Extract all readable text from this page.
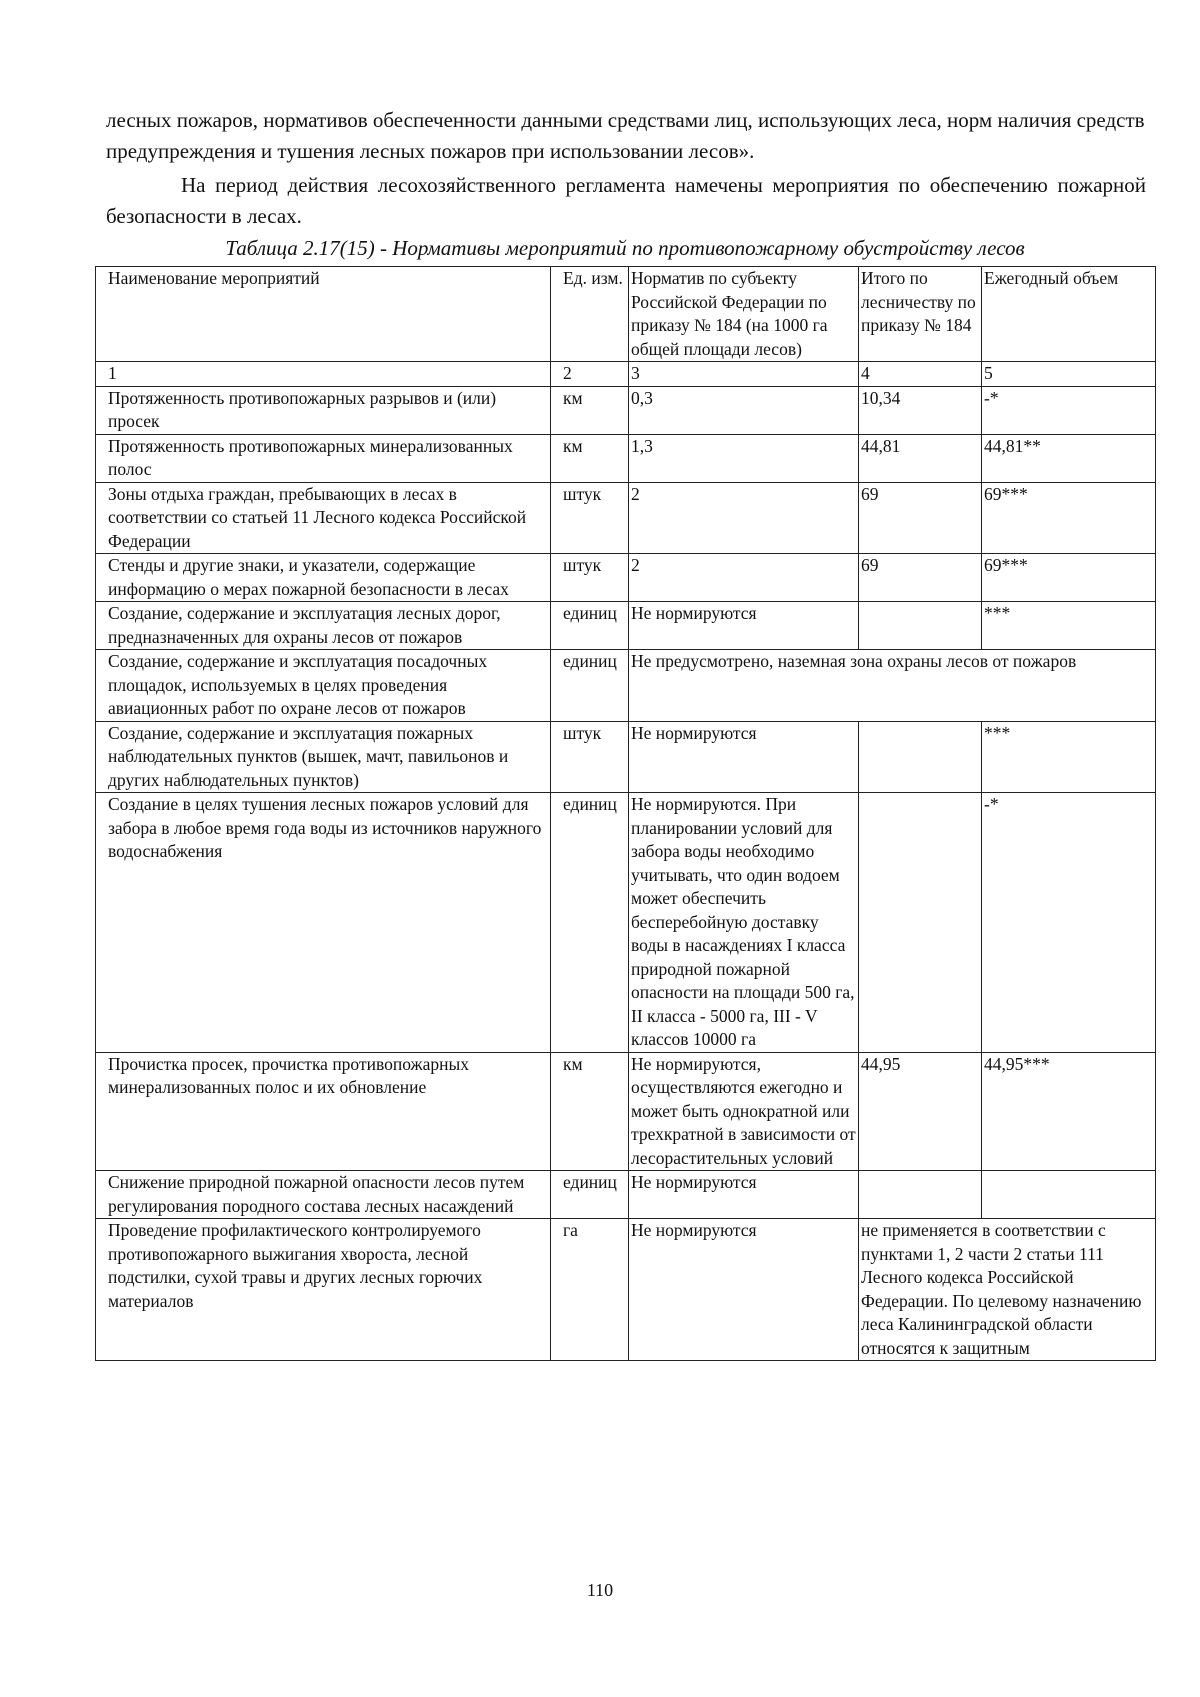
лесных пожаров, нормативов обеспеченности данными средствами лиц, использующих леса, норм наличия средств предупреждения и тушения лесных пожаров при использовании лесов».

На период действия лесохозяйственного регламента намечены мероприятия по обеспечению пожарной безопасности в лесах.

Таблица 2.17(15) - Нормативы мероприятий по противопожарному обустройству лесов

Наименование мероприятий	Ед. изм.	Норматив по субъекту Российской Федерации по приказу № 184 (на 1000 га общей площади лесов)	Итого по лесничеству по приказу № 184	Ежегодный объем
1	2	3	4	5
Протяженность противопожарных разрывов и (или) просек	км	0,3	10,34	-*
Протяженность противопожарных минерализованных полос	км	1,3	44,81	44,81**
Зоны отдыха граждан, пребывающих в лесах в соответствии со статьей 11 Лесного кодекса Российской Федерации	штук	2	69	69***
Стенды и другие знаки, и указатели, содержащие информацию о мерах пожарной безопасности в лесах	штук	2	69	69***
Создание, содержание и эксплуатация лесных дорог, предназначенных для охраны лесов от пожаров	единиц	Не нормируются		***
Создание, содержание и эксплуатация посадочных площадок, используемых в целях проведения авиационных работ по охране лесов от пожаров	единиц	Не предусмотрено, наземная зона охраны лесов от пожаров		
Создание, содержание и эксплуатация пожарных наблюдательных пунктов (вышек, мачт, павильонов и других наблюдательных пунктов)	штук	Не нормируются		***
Создание в целях тушения лесных пожаров условий для забора в любое время года воды из источников наружного водоснабжения	единиц	Не нормируются. При планировании условий для забора воды необходимо учитывать, что один водоем может обеспечить бесперебойную доставку воды в насаждениях I класса природной пожарной опасности на площади 500 га, II класса - 5000 га, III - V классов 10000 га		-*
Прочистка просек, прочистка противопожарных минерализованных полос и их обновление	км	Не нормируются, осуществляются ежегодно и может быть однократной или трехкратной в зависимости от лесорастительных условий	44,95	44,95***
Снижение природной пожарной опасности лесов путем регулирования породного состава лесных насаждений	единиц	Не нормируются		
Проведение профилактического контролируемого противопожарного выжигания хвороста, лесной подстилки, сухой травы и других лесных горючих материалов	га	Не нормируются	не применяется в соответствии с пунктами 1, 2 части 2 статьи 111 Лесного кодекса Российской Федерации. По целевому назначению леса Калининградской области относятся к защитным	
110
